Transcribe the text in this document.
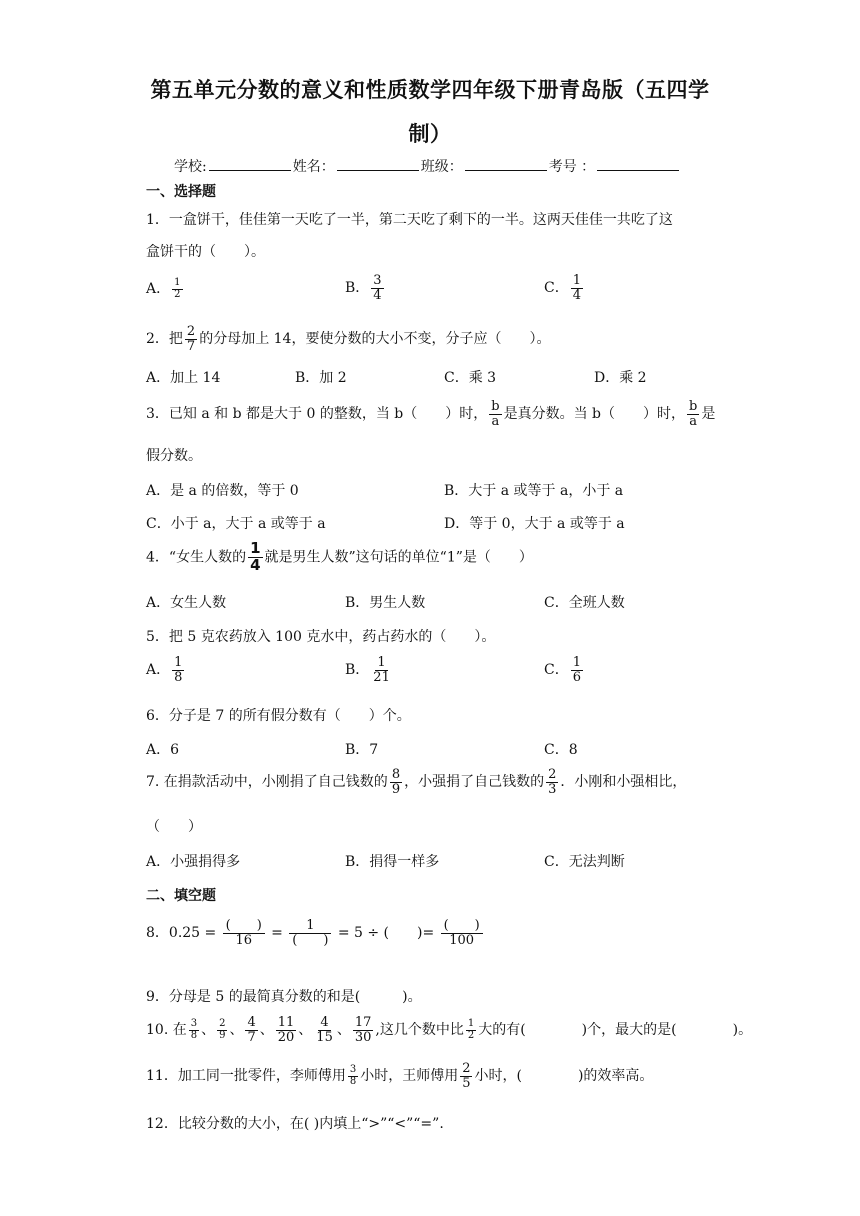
第五单元分数的意义和性质数学四年级下册青岛版（五四学
制）
学校:	姓名：	班级：	考号 ：
一、选择题
1．一盒饼干，佳佳第一天吃了一半，第二天吃了剩下的一半。这两天佳佳一共吃了这
盒饼干的（　　）。
A． $\frac{1}{2}$	B． $\frac{3}{4}$	C． $\frac{1}{4}$
2．把 $\frac{2}{7}$ 的分母加上 14，要使分数的大小不变，分子应（　　）。
A．加上 14	B．加 2	C．乘 3	D．乘 2
3．已知 a 和 b 都是大于 0 的整数，当 b（　　）时， $\frac{b}{a}$ 是真分数。当 b（　　）时， $\frac{b}{a}$ 是
假分数。
A．是 a 的倍数，等于 0	B．大于 a 或等于 a，小于 a
C．小于 a，大于 a 或等于 a	D．等于 0，大于 a 或等于 a
4．“女生人数的 $\frac{1}{4}$ 就是男生人数”这句话的单位“1”是（　　）
A．女生人数	B．男生人数	C．全班人数
5．把 5 克农药放入 100 克水中，药占药水的（　　）。
A． $\frac{1}{8}$	B． $\frac{1}{21}$	C． $\frac{1}{6}$
6．分子是 7 的所有假分数有（　　）个。
A．6	B．7	C．8
7. 在捐款活动中，小刚捐了自己钱数的 $\frac{8}{9}$ ，小强捐了自己钱数的 $\frac{2}{3}$ ．小刚和小强相比，
（　　）
A．小强捐得多	B．捐得一样多	C．无法判断
二、填空题
8．$0.25 = \frac{( )}{16} = \frac{1}{( )} = 5$ ÷ (　　 )= $\frac{( )}{100}$
9．分母是 5 的最简真分数的和是(　　　)。
10. 在 $\frac{3}{8}$ 、 $\frac{2}{9}$ 、 $\frac{4}{7}$ 、 $\frac{11}{20}$ 、 $\frac{4}{15}$ 、 $\frac{17}{30}$ ,这几个数中比 $\frac{1}{2}$ 大的有(　　　　)个，最大的是(　　　　)。
11．加工同一批零件，李师傅用 $\frac{3}{8}$ 小时，王师傅用 $\frac{2}{5}$ 小时，(　　　　)的效率高。
12．比较分数的大小，在( )内填上“>”“<”“=”.
